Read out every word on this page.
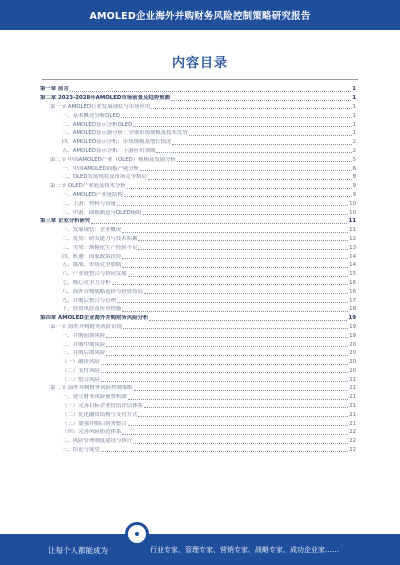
AMOLED企业海外并购财务风险控制策略研究报告
内容目录
第一章 前言	1
第二章 2023-2028年AMOLED市场前景及趋势预测	1
第一节 AMOLED行业发展现状与市场应用	1
一、基本概述分析OLED	1
二、AMOLED显示分析OLED	1
三、AMOLED显示器分析：全球市场规模及技术优势	1
四、AMOLED显示分析：市场规模及增长情况	2
五、AMOLED显示分析：下游应用领域	2
第二节 中国AMOLED产业（OLED）规模及发展分析	5
一、中国AMOLED面板产能分析	6
二、OLED发展现状及市场竞争格局	8
第三节 OLED产业链及技术分析	9
一、AMOLED产业链结构	9
二、上游：材料与设备	10
三、中游：面板制造与OLED模组	10
第三章 企业分析研究	11
一、发展现状：企业概况	11
二、优势：研发能力与技术积累	12
三、劣势：规模化生产经验不足	13
四、机遇：国家政策扶持	14
五、挑战：市场竞争加剧	14
六、产业链整合与协同发展	15
七、核心竞争力分析	16
八、海外并购战略选择与投资布局	16
九、并购后整合与管理	17
十、投资风险及应对措施	18
第四章 AMOLED企业海外并购财务风险分析	19
第一节 海外并购财务风险识别	19
一、并购前期风险	19
二、并购中期风险	20
三、并购后期风险	20
（一）融资风险	20
（二）支付风险	20
（三）整合风险	21
第二节 海外并购财务风险控制策略	21
一、建立财务风险预警机制	21
（一）完善目标企业价值评估体系	21
（二）优化融资结构与支付方式	21
（三）加强并购后财务整合	21
（四）完善风险防范体系	22
二、风险管理制度建设与执行	22
三、结论与展望	22
让每个人都能成为	行业专家、管理专家、营销专家、战略专家、成功企业家……
